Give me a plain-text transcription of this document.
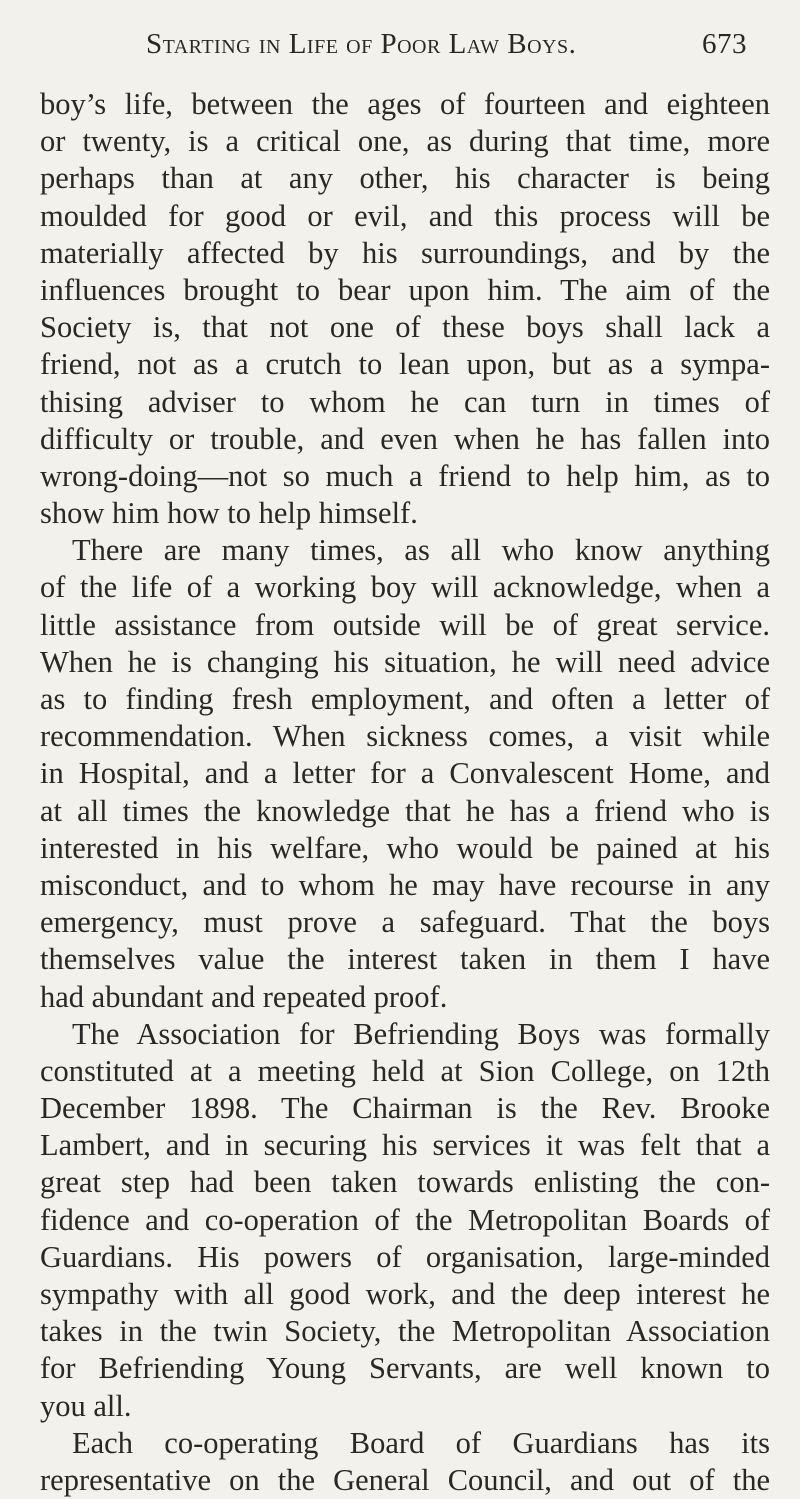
Starting in Life of Poor Law Boys.	673
boy’s life, between the ages of fourteen and eighteen
or twenty, is a critical one, as during that time, more
perhaps than at any other, his character is being
moulded for good or evil, and this process will be
materially affected by his surroundings, and by the
influences brought to bear upon him. The aim of the
Society is, that not one of these boys shall lack a
friend, not as a crutch to lean upon, but as a sympa-
thising adviser to whom he can turn in times of
difficulty or trouble, and even when he has fallen into
wrong-doing—not so much a friend to help him, as to
show him how to help himself.
There are many times, as all who know anything
of the life of a working boy will acknowledge, when a
little assistance from outside will be of great service.
When he is changing his situation, he will need advice
as to finding fresh employment, and often a letter of
recommendation. When sickness comes, a visit while
in Hospital, and a letter for a Convalescent Home, and
at all times the knowledge that he has a friend who is
interested in his welfare, who would be pained at his
misconduct, and to whom he may have recourse in any
emergency, must prove a safeguard. That the boys
themselves value the interest taken in them I have
had abundant and repeated proof.
The Association for Befriending Boys was formally
constituted at a meeting held at Sion College, on 12th
December 1898. The Chairman is the Rev. Brooke
Lambert, and in securing his services it was felt that a
great step had been taken towards enlisting the con-
fidence and co-operation of the Metropolitan Boards of
Guardians. His powers of organisation, large-minded
sympathy with all good work, and the deep interest he
takes in the twin Society, the Metropolitan Association
for Befriending Young Servants, are well known to
you all.
Each co-operating Board of Guardians has its
representative on the General Council, and out of the
